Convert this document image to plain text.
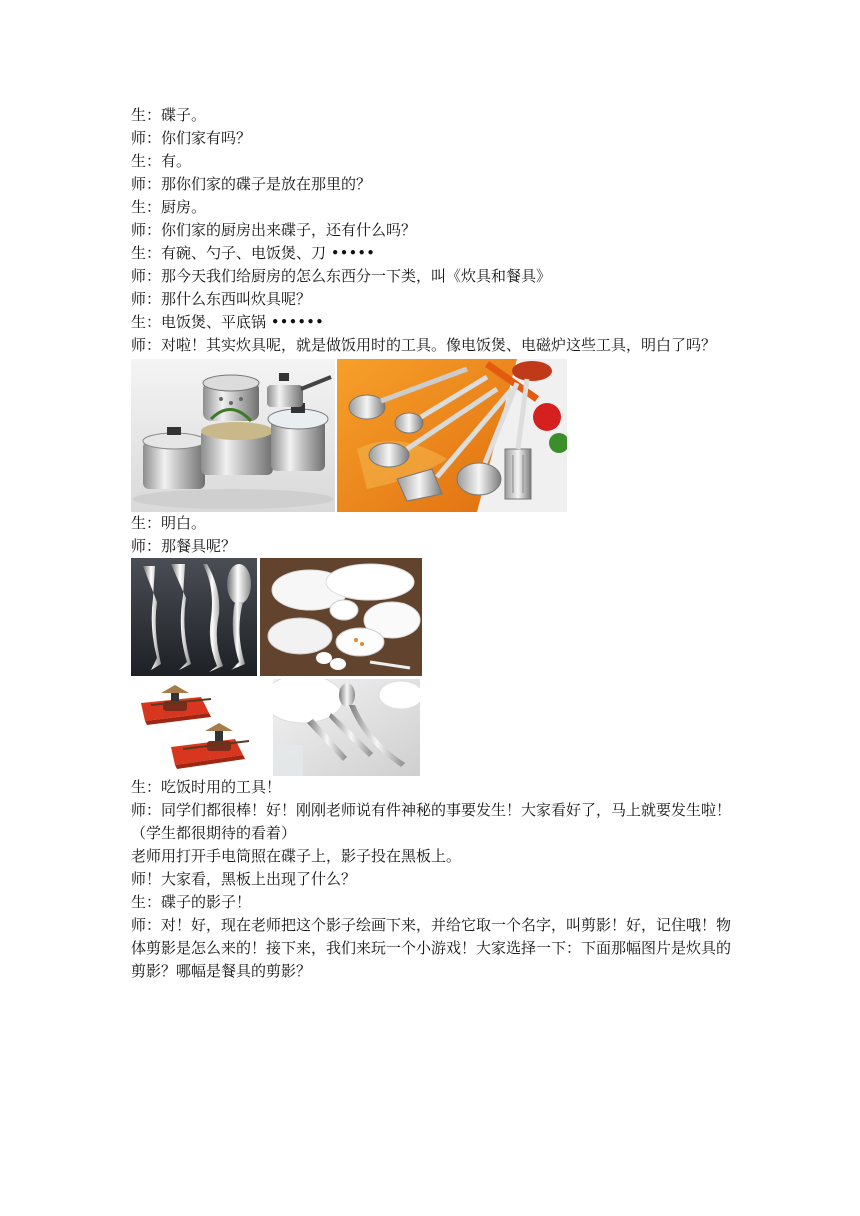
生：碟子。
师：你们家有吗？
生：有。
师：那你们家的碟子是放在那里的？
生：厨房。
师：你们家的厨房出来碟子，还有什么吗？
生：有碗、勺子、电饭煲、刀 •••••
师：那今天我们给厨房的怎么东西分一下类，叫《炊具和餐具》
师：那什么东西叫炊具呢？
生：电饭煲、平底锅 ••••••
师：对啦！其实炊具呢，就是做饭用时的工具。像电饭煲、电磁炉这些工具，明白了吗？
生：明白。
师：那餐具呢？
生：吃饭时用的工具！
师：同学们都很棒！好！刚刚老师说有件神秘的事要发生！大家看好了，马上就要发生啦！
（学生都很期待的看着）
老师用打开手电筒照在碟子上，影子投在黑板上。
师！大家看，黑板上出现了什么？
生：碟子的影子！
师：对！好，现在老师把这个影子绘画下来，并给它取一个名字，叫剪影！好，记住哦！物体剪影是怎么来的！接下来，我们来玩一个小游戏！大家选择一下：下面那幅图片是炊具的剪影？哪幅是餐具的剪影？
